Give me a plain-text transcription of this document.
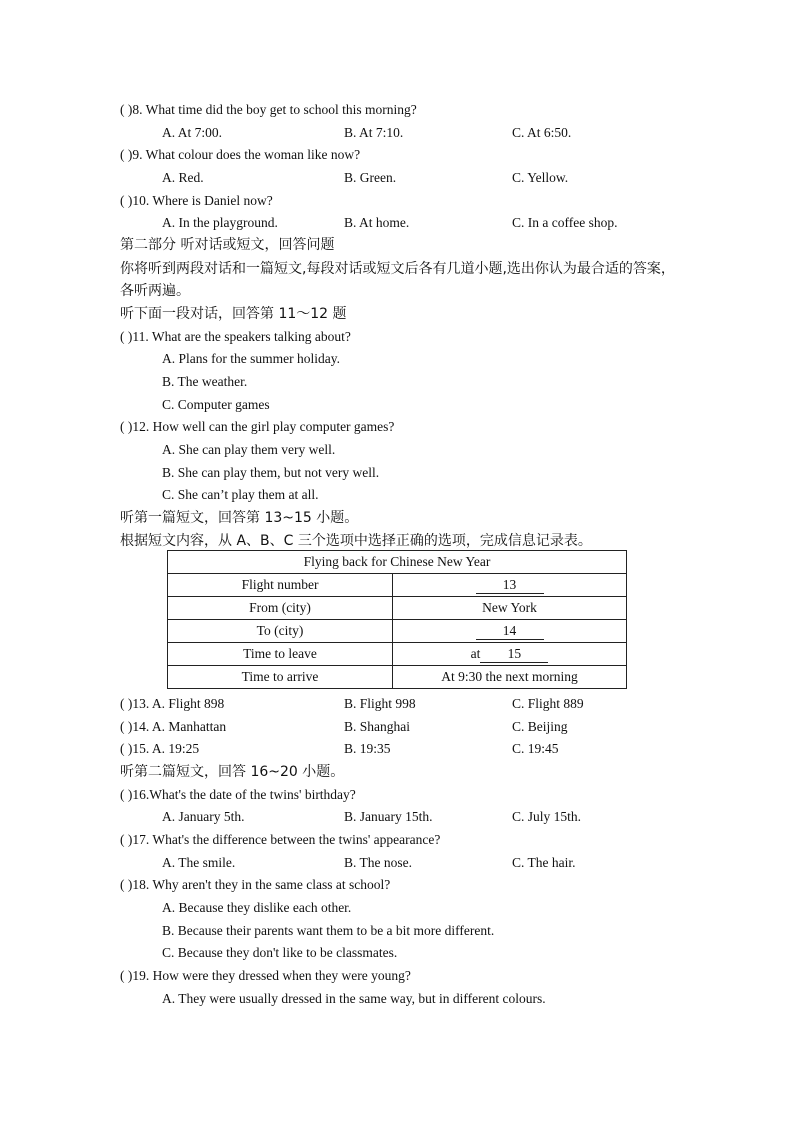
( )8. What time did the boy get to school this morning?
A. At 7:00.	B. At 7:10.	C. At 6:50.
( )9. What colour does the woman like now?
A. Red.	B. Green.	C. Yellow.
( )10. Where is Daniel now?
A. In the playground.	B. At home.	C. In a coffee shop.
第二部分 听对话或短文，回答问题
你将听到两段对话和一篇短文,每段对话或短文后各有几道小题,选出你认为最合适的答案，
各听两遍。
听下面一段对话，回答第 11～12 题
( )11. What are the speakers talking about?
A. Plans for the summer holiday.
B. The weather.
C. Computer games
( )12. How well can the girl play computer games?
A. She can play them very well.
B. She can play them, but not very well.
C. She can’t play them at all.
听第一篇短文，回答第 13~15 小题。
根据短文内容，从 A、B、C 三个选项中选择正确的选项，完成信息记录表。
Flying back for Chinese New Year	
Flight number	13
From (city)	New York
To (city)	14
Time to leave	at 15
Time to arrive	At 9:30 the next morning
( )13. A. Flight 898	B. Flight 998	C. Flight 889
( )14. A. Manhattan	B. Shanghai	C. Beijing
( )15. A. 19:25	B. 19:35	C. 19:45
听第二篇短文，回答 16~20 小题。
( )16.What's the date of the twins' birthday?
A. January 5th.	B. January 15th.	C. July 15th.
( )17. What's the difference between the twins' appearance?
A. The smile.	B. The nose.	C. The hair.
( )18. Why aren't they in the same class at school?
A. Because they dislike each other.
B. Because their parents want them to be a bit more different.
C. Because they don't like to be classmates.
( )19. How were they dressed when they were young?
A. They were usually dressed in the same way, but in different colours.
